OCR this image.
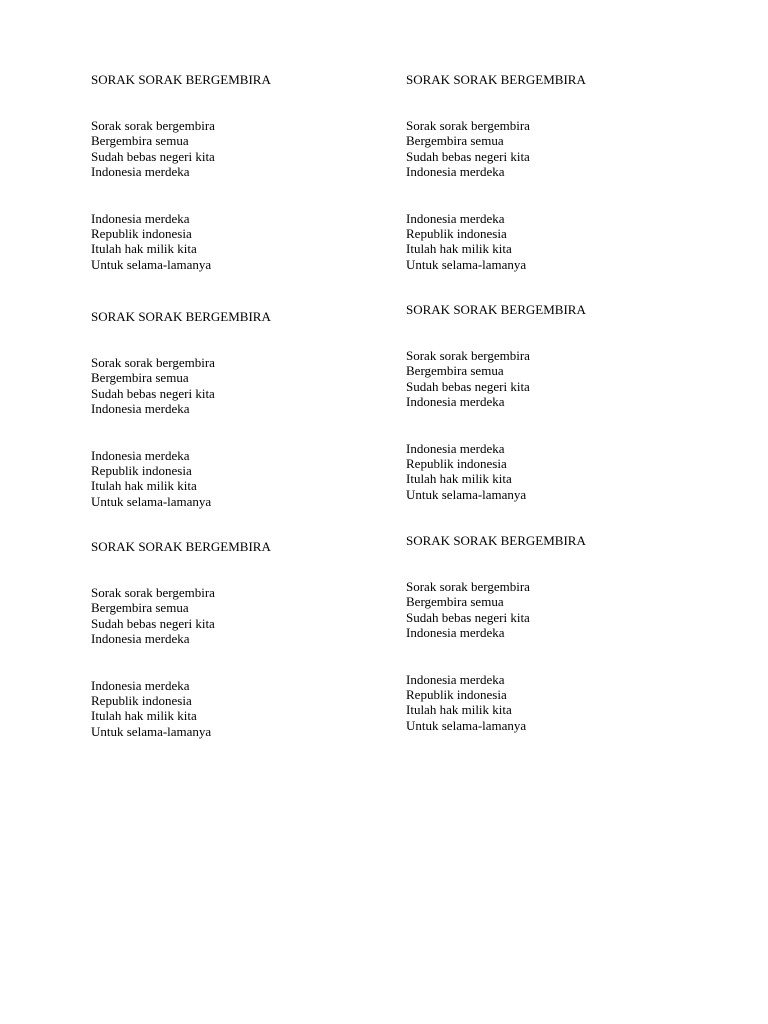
SORAK SORAK BERGEMBIRA
Sorak sorak bergembira
Bergembira semua
Sudah bebas negeri kita
Indonesia merdeka
Indonesia merdeka
Republik indonesia
Itulah hak milik kita
Untuk selama-lamanya
SORAK SORAK BERGEMBIRA
Sorak sorak bergembira
Bergembira semua
Sudah bebas negeri kita
Indonesia merdeka
Indonesia merdeka
Republik indonesia
Itulah hak milik kita
Untuk selama-lamanya
SORAK SORAK BERGEMBIRA
Sorak sorak bergembira
Bergembira semua
Sudah bebas negeri kita
Indonesia merdeka
Indonesia merdeka
Republik indonesia
Itulah hak milik kita
Untuk selama-lamanya
SORAK SORAK BERGEMBIRA
Sorak sorak bergembira
Bergembira semua
Sudah bebas negeri kita
Indonesia merdeka
Indonesia merdeka
Republik indonesia
Itulah hak milik kita
Untuk selama-lamanya
SORAK SORAK BERGEMBIRA
Sorak sorak bergembira
Bergembira semua
Sudah bebas negeri kita
Indonesia merdeka
Indonesia merdeka
Republik indonesia
Itulah hak milik kita
Untuk selama-lamanya
SORAK SORAK BERGEMBIRA
Sorak sorak bergembira
Bergembira semua
Sudah bebas negeri kita
Indonesia merdeka
Indonesia merdeka
Republik indonesia
Itulah hak milik kita
Untuk selama-lamanya
